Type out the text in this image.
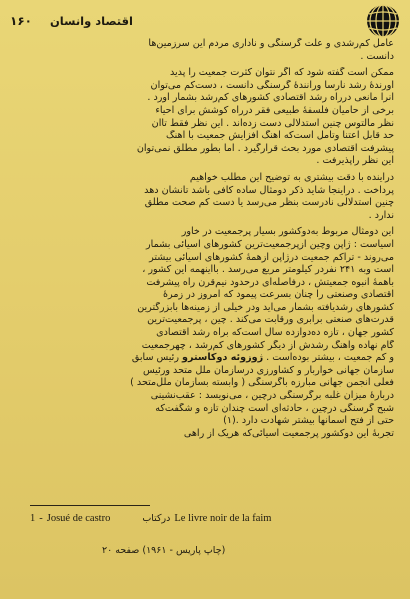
۱۶۰	اقتصاد وانسان

عامل کم‌رشدی و علت گرسنگی و ناداری مردم این سرزمین‌ها
دانست .

ممکن است گفته شود که اگر نتوان کثرت جمعیت را پدید
آورندۀ رشد نارسا ورانندۀ گرسنگی دانست ، دست‌کم می‌توان
آنرا مانعی درراه رشد اقتصادی کشورهای کم‌رشد بشمار آورد .
برخی از حامیان فلسفۀ طبیعی فقر درراه کوشش برای احیاء
نظر مالتوس چنین استدلالی دست زده‌اند . این نظر فقط تاآن
حد قابل اعتنا وتأمل است‌که آهنگ افزایش جمعیت با آهنگ
پیشرفت اقتصادی مورد بحث قرارگیرد . اما بطور مطلق نمی‌توان
این نظر راپذیرفت .

درآینده با دقت بیشتری به توضیح این مطلب خواهیم
پرداخت . دراینجا شاید ذکر دومثال ساده کافی باشد تانشان دهد
چنین استدلالی نادرست بنظر می‌رسد یا دست کم صحت مطلق
ندارد .

این دومثال مربوط به‌دوکشور بسیار پرجمعیت در خاور
آسیاست : ژاپن وچین ازپرجمعیت‌ترین کشورهای آسیائی بشمار
می‌روند - تراکم جمعیت درژاپن ازهمۀ کشورهای آسیائی بیشتر
است وبه ۲۴۱ نفردر کیلومتر مربع می‌رسد . بااینهمه این کشور ،
باهمۀ انبوه جمعیتش ، درفاصله‌ای درحدود نیم‌قرن راه پیشرفت
اقتصادی وصنعتی را چنان بسرعت پیمود که امروز در زمرۀ
کشورهای رشدیافته بشمار می‌آید ودر خیلی از زمینه‌ها بابزرگترین
قدرت‌های صنعتی برابری ورقابت می‌کند . چین ، پرجمعیت‌ترین
کشور جهان ، تازه ده‌دوازده سال است‌که براه رشد اقتصادی
گام نهاده وآهنگ رشدش از دیگر کشورهای کم‌رشد ، چهرجمعیت
و کم جمعیت ، بیشتر بوده‌است . ژوزوئه دوکاسترو رئیس سابق
سازمان جهانی خواربار و کشاورزی درسازمان ملل متحد ورئیس
فعلی انجمن جهانی مبارزه باگرسنگی ( وابسته بسازمان ملل‌متحد )
دربارۀ میزان غلبه برگرسنگی درچین ، می‌نویسد : عقب‌نشینی
شبح گرسنگی درچین ، حادثه‌ای است چندان تازه و شگفت‌که
حتی از فتح آسمانها بیشتر شهادت دارد .(۱)
تجربۀ این دوکشور پرجمعیت آسیائی‌که هریک از راهی

1 - Josué de castro	درکتاب Le livre noir de la faim
(چاپ پاریس - ۱۹۶۱) صفحه ۲۰
